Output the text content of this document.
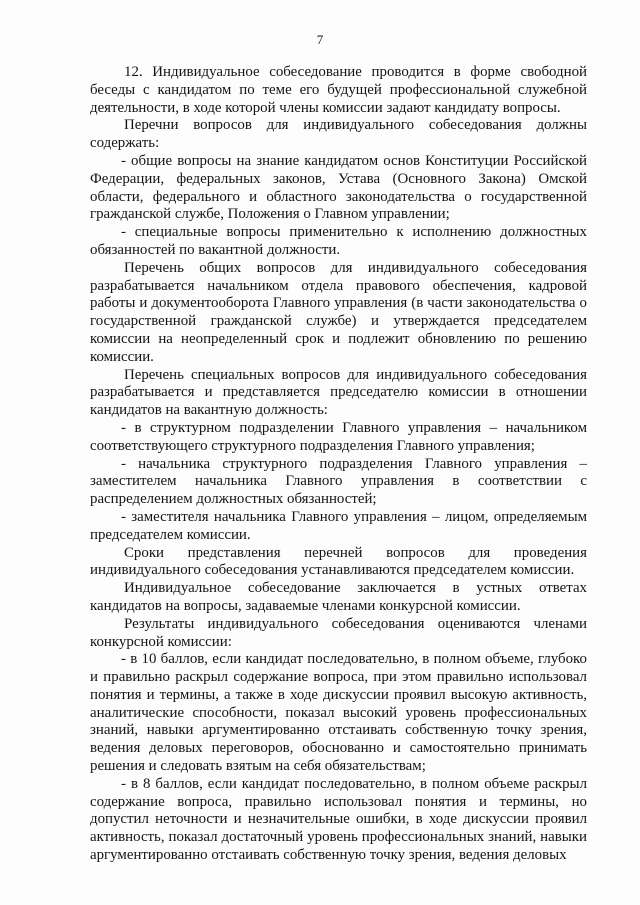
7

12. Индивидуальное собеседование проводится в форме свободной беседы с кандидатом по теме его будущей профессиональной служебной деятельности, в ходе которой члены комиссии задают кандидату вопросы.

Перечни вопросов для индивидуального собеседования должны содержать:

- общие вопросы на знание кандидатом основ Конституции Российской Федерации, федеральных законов, Устава (Основного Закона) Омской области, федерального и областного законодательства о государственной гражданской службе, Положения о Главном управлении;

- специальные вопросы применительно к исполнению должностных обязанностей по вакантной должности.

Перечень общих вопросов для индивидуального собеседования разрабатывается начальником отдела правового обеспечения, кадровой работы и документооборота Главного управления (в части законодательства о государственной гражданской службе) и утверждается председателем комиссии на неопределенный срок и подлежит обновлению по решению комиссии.

Перечень специальных вопросов для индивидуального собеседования разрабатывается и представляется председателю комиссии в отношении кандидатов на вакантную должность:

- в структурном подразделении Главного управления – начальником соответствующего структурного подразделения Главного управления;

- начальника структурного подразделения Главного управления – заместителем начальника Главного управления в соответствии с распределением должностных обязанностей;

- заместителя начальника Главного управления – лицом, определяемым председателем комиссии.

Сроки представления перечней вопросов для проведения индивидуального собеседования устанавливаются председателем комиссии.

Индивидуальное собеседование заключается в устных ответах кандидатов на вопросы, задаваемые членами конкурсной комиссии.

Результаты индивидуального собеседования оцениваются членами конкурсной комиссии:

- в 10 баллов, если кандидат последовательно, в полном объеме, глубоко и правильно раскрыл содержание вопроса, при этом правильно использовал понятия и термины, а также в ходе дискуссии проявил высокую активность, аналитические способности, показал высокий уровень профессиональных знаний, навыки аргументированно отстаивать собственную точку зрения, ведения деловых переговоров, обоснованно и самостоятельно принимать решения и следовать взятым на себя обязательствам;

- в 8 баллов, если кандидат последовательно, в полном объеме раскрыл содержание вопроса, правильно использовал понятия и термины, но допустил неточности и незначительные ошибки, в ходе дискуссии проявил активность, показал достаточный уровень профессиональных знаний, навыки аргументированно отстаивать собственную точку зрения, ведения деловых
